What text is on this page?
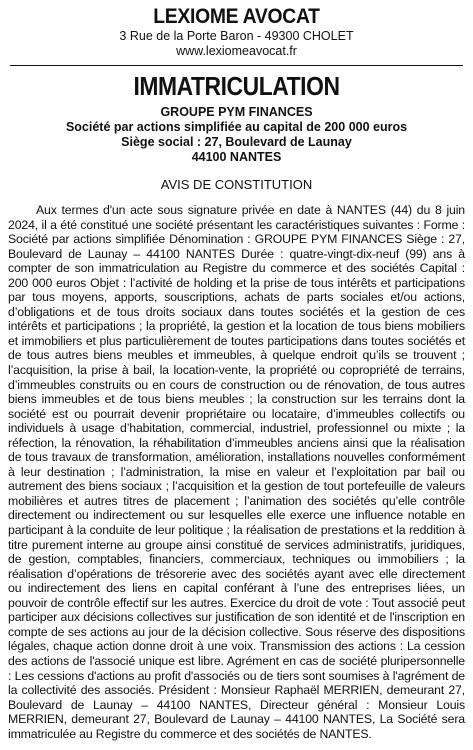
LEXIOME AVOCAT
3 Rue de la Porte Baron - 49300 CHOLET
www.lexiomeavocat.fr
IMMATRICULATION
GROUPE PYM FINANCES
Société par actions simplifiée au capital de 200 000 euros
Siège social : 27, Boulevard de Launay
44100 NANTES
AVIS DE CONSTITUTION

Aux termes d'un acte sous signature privée en date à NANTES (44) du 8 juin 2024, il a été constitué une société présentant les caractéristiques suivantes : Forme : Société par actions simplifiée Dénomination : GROUPE PYM FINANCES Siège : 27, Boulevard de Launay – 44100 NANTES Durée : quatre-vingt-dix-neuf (99) ans à compter de son immatriculation au Registre du commerce et des sociétés Capital : 200 000 euros Objet : l’activité de holding et la prise de tous intérêts et participations par tous moyens, apports, souscriptions, achats de parts sociales et/ou actions, d’obligations et de tous droits sociaux dans toutes sociétés et la gestion de ces intérêts et participations ; la propriété, la gestion et la location de tous biens mobiliers et immobiliers et plus particulièrement de toutes participations dans toutes sociétés et de tous autres biens meubles et immeubles, à quelque endroit qu’ils se trouvent ; l’acquisition, la prise à bail, la location-vente, la propriété ou copropriété de terrains, d’immeubles construits ou en cours de construction ou de rénovation, de tous autres biens immeubles et de tous biens meubles ; la construction sur les terrains dont la société est ou pourrait devenir propriétaire ou locataire, d’immeubles collectifs ou individuels à usage d’habitation, commercial, industriel, professionnel ou mixte ; la réfection, la rénovation, la réhabilitation d’immeubles anciens ainsi que la réalisation de tous travaux de transformation, amélioration, installations nouvelles conformément à leur destination ; l’administration, la mise en valeur et l’exploitation par bail ou autrement des biens sociaux ; l’acquisition et la gestion de tout portefeuille de valeurs mobilières et autres titres de placement ; l’animation des sociétés qu’elle contrôle directement ou indirectement ou sur lesquelles elle exerce une influence notable en participant à la conduite de leur politique ; la réalisation de prestations et la reddition à titre purement interne au groupe ainsi constitué de services administratifs, juridiques, de gestion, comptables, financiers, commerciaux, techniques ou immobiliers ; la réalisation d’opérations de trésorerie avec des sociétés ayant avec elle directement ou indirectement des liens en capital conférant à l’une des entreprises liées, un pouvoir de contrôle effectif sur les autres. Exercice du droit de vote : Tout associé peut participer aux décisions collectives sur justification de son identité et de l'inscription en compte de ses actions au jour de la décision collective. Sous réserve des dispositions légales, chaque action donne droit à une voix. Transmission des actions : La cession des actions de l'associé unique est libre. Agrément en cas de société pluripersonnelle : Les cessions d'actions au profit d'associés ou de tiers sont soumises à l'agrément de la collectivité des associés. Président : Monsieur Raphaël MERRIEN, demeurant 27, Boulevard de Launay – 44100 NANTES, Directeur général : Monsieur Louis MERRIEN, demeurant 27, Boulevard de Launay – 44100 NANTES, La Société sera immatriculée au Registre du commerce et des sociétés de NANTES.
